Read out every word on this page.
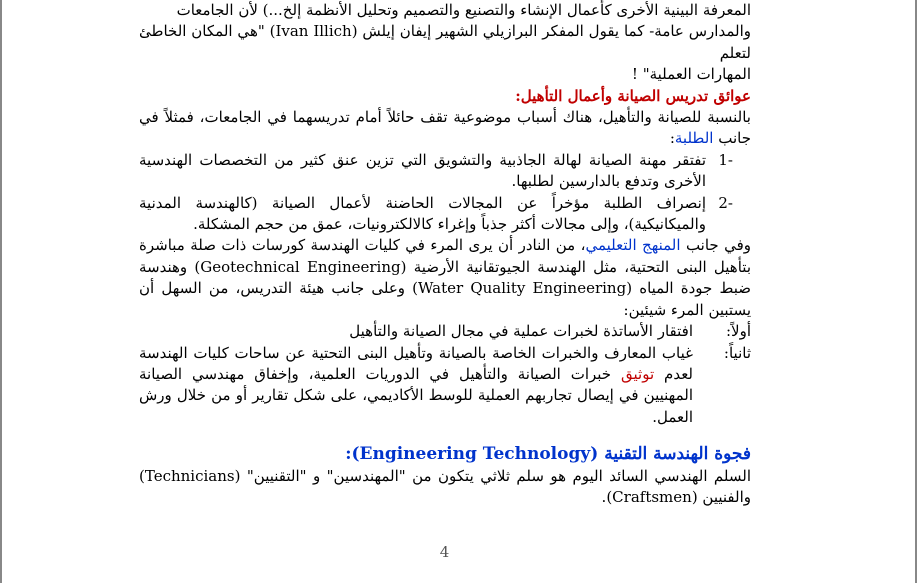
المعرفة البينية الأخرى كأعمال الإنشاء والتصنيع والتصميم وتحليل الأنظمة إلخ...) لأن الجامعات

والمدارس عامة- كما يقول المفكر البرازيلي الشهير إيفان إيلش (Ivan Illich) "هي المكان الخاطئ لتعلم

المهارات العملية" !

عوائق تدريس الصيانة وأعمال التأهيل:

بالنسبة للصيانة والتأهيل، هناك أسباب موضوعية تقف حائلاً أمام تدريسهما في الجامعات، فمثلاً في جانب الطلبة:

-1
تفتقر مهنة الصيانة لهالة الجاذبية والتشويق التي تزين عنق كثير من التخصصات الهندسية الأخرى وتدفع بالدارسين لطلبها.
-2
إنصراف الطلبة مؤخراً عن المجالات الحاضنة لأعمال الصيانة (كالهندسة المدنية والميكانيكية)، وإلى مجالات أكثر جذباً وإغراء كالالكترونيات، عمق من حجم المشكلة.

وفي جانب المنهج التعليمي، من النادر أن يرى المرء في كليات الهندسة كورسات ذات صلة مباشرة بتأهيل البنى التحتية، مثل الهندسة الجيوتقانية الأرضية (Geotechnical Engineering) وهندسة ضبط جودة المياه (Water Quality Engineering) وعلى جانب هيئة التدريس، من السهل أن يستبين المرء شيئين:

أولاً:
افتقار الأساتذة لخبرات عملية في مجال الصيانة والتأهيل
ثانياً:
غياب المعارف والخبرات الخاصة بالصيانة وتأهيل البنى التحتية عن ساحات كليات الهندسة لعدم توثيق خبرات الصيانة والتأهيل في الدوريات العلمية، وإخفاق مهندسي الصيانة المهنيين في إيصال تجاربهم العملية للوسط الأكاديمي، على شكل تقارير أو من خلال ورش العمل.

فجوة الهندسة التقنية (Engineering Technology):

السلم الهندسي السائد اليوم هو سلم ثلاثي يتكون من "المهندسين" و "التقنيين" (Technicians) والفنيين (Craftsmen).

4
